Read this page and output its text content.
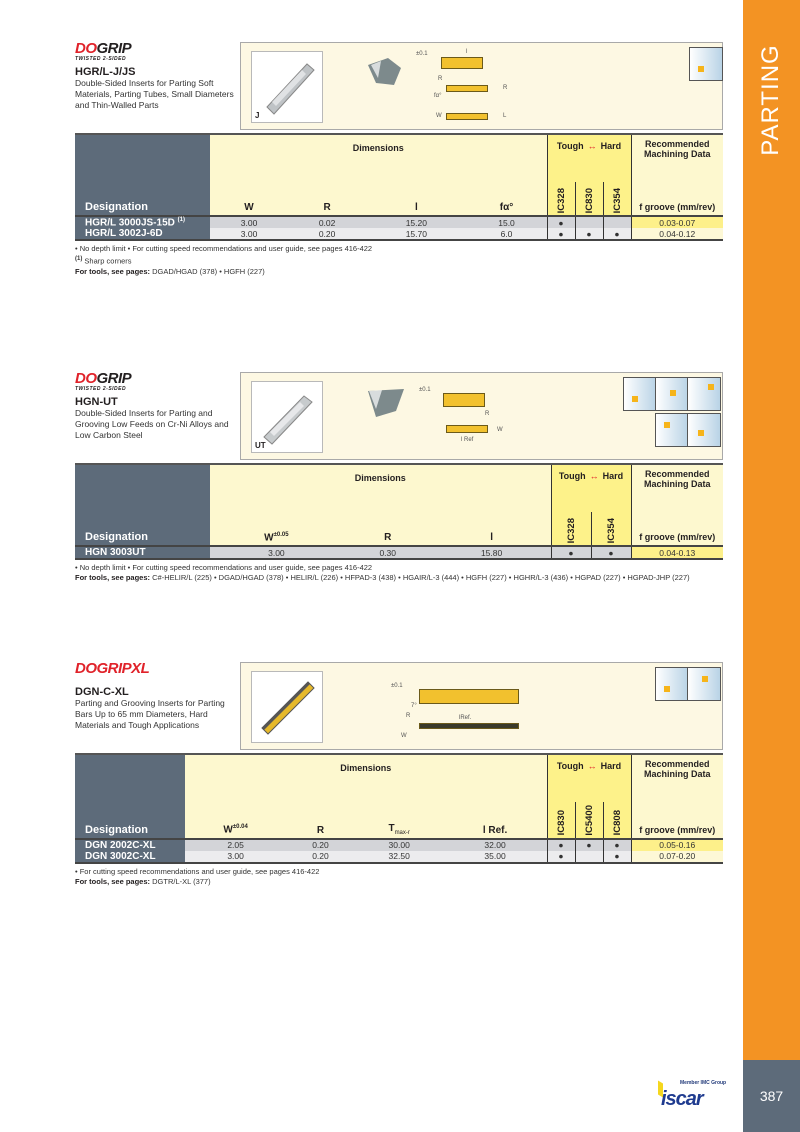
PARTING
387
DOGRIP
TWISTED 2-SIDED
HGR/L-J/JS
Double-Sided Inserts for Parting Soft Materials, Parting Tubes, Small Diameters and Thin-Walled Parts
J
±0.1	l
R
R
fα°
W	L
Designation	Dimensions				Tough ↔ Hard			Recommended Machining Data
	W	R	l	fα°	IC328	IC830	IC354	f groove (mm/rev)
HGR/L 3000JS-15D $^{(1)}$	3.00	0.02	15.20	15.0	●			0.03-0.07
HGR/L 3002J-6D	3.00	0.20	15.70	6.0	●	●	●	0.04-0.12
• No depth limit • For cutting speed recommendations and user guide, see pages 416-422
$^{(1)}$ Sharp corners
For tools, see pages: DGAD/HGAD (378) • HGFH (227)
DOGRIP
TWISTED 2-SIDED
HGN-UT
Double-Sided Inserts for Parting and Grooving Low Feeds on Cr-Ni Alloys and Low Carbon Steel
UT
±0.1
R
W
l Ref
Designation	Dimensions			Tough ↔ Hard		Recommended Machining Data
	$W^{\pm 0.05}$	R	l	IC328	IC354	f groove (mm/rev)
HGN 3003UT	3.00	0.30	15.80	●	●	0.04-0.13
• No depth limit • For cutting speed recommendations and user guide, see pages 416-422
For tools, see pages: C#-HELIR/L (225) • DGAD/HGAD (378) • HELIR/L (226) • HFPAD-3 (438) • HGAIR/L-3 (444) • HGFH (227) • HGHR/L-3 (436) • HGPAD (227) • HGPAD-JHP (227)
DOGRIPXL
DGN-C-XL
Parting and Grooving Inserts for Parting Bars Up to 65 mm Diameters, Hard Materials and Tough Applications
±0.1
7°
R	lRef.
W
Designation	Dimensions				Tough ↔ Hard			Recommended Machining Data
	$W^{\pm 0.04}$	R	$T_{max-r}$	l Ref.	IC830	IC5400	IC808	f groove (mm/rev)
DGN 2002C-XL	2.05	0.20	30.00	32.00	●	●	●	0.05-0.16
DGN 3002C-XL	3.00	0.20	32.50	35.00	●		●	0.07-0.20
• For cutting speed recommendations and user guide, see pages 416-422
For tools, see pages: DGTR/L-XL (377)
Member IMC Group
iscar
